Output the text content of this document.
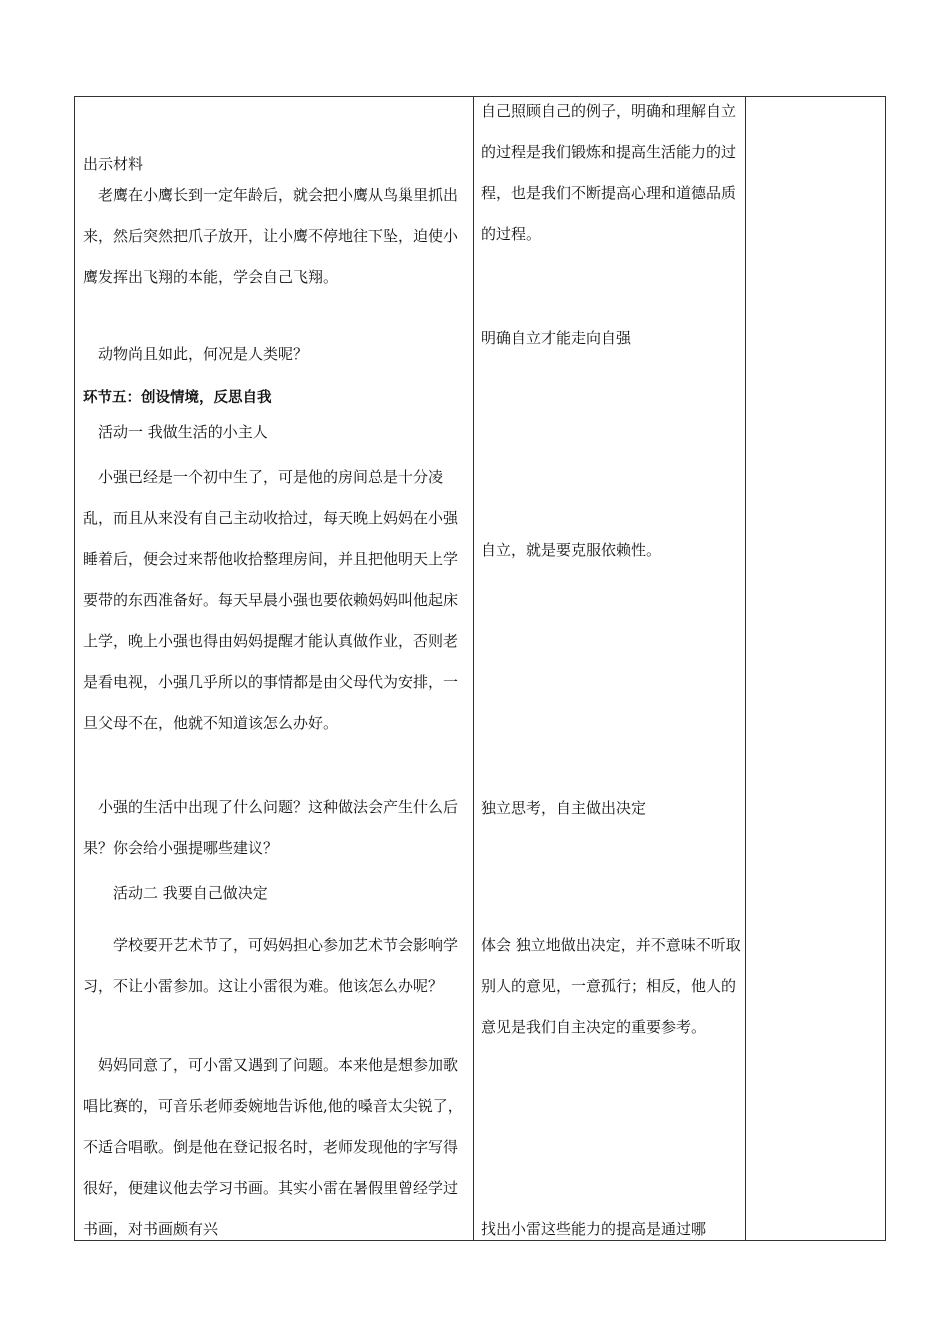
出示材料
　老鹰在小鹰长到一定年龄后，就会把小鹰从鸟巢里抓出来，然后突然把爪子放开，让小鹰不停地往下坠，迫使小鹰发挥出飞翔的本能，学会自己飞翔。
　动物尚且如此，何况是人类呢？
环节五：创设情境，反思自我
　活动一 我做生活的小主人
　小强已经是一个初中生了，可是他的房间总是十分凌乱，而且从来没有自己主动收拾过，每天晚上妈妈在小强睡着后，便会过来帮他收拾整理房间，并且把他明天上学要带的东西准备好。每天早晨小强也要依赖妈妈叫他起床上学，晚上小强也得由妈妈提醒才能认真做作业，否则老是看电视，小强几乎所以的事情都是由父母代为安排，一旦父母不在，他就不知道该怎么办好。
　小强的生活中出现了什么问题？这种做法会产生什么后果？你会给小强提哪些建议？
　　活动二 我要自己做决定
　　学校要开艺术节了，可妈妈担心参加艺术节会影响学习，不让小雷参加。这让小雷很为难。他该怎么办呢？
　妈妈同意了，可小雷又遇到了问题。本来他是想参加歌唱比赛的，可音乐老师委婉地告诉他,他的嗓音太尖锐了，不适合唱歌。倒是他在登记报名时，老师发现他的字写得很好，便建议他去学习书画。其实小雷在暑假里曾经学过书画，对书画颇有兴
自己照顾自己的例子，明确和理解自立的过程是我们锻炼和提高生活能力的过程，也是我们不断提高心理和道德品质的过程。
明确自立才能走向自强
自立，就是要克服依赖性。
独立思考，自主做出决定
体会 独立地做出决定，并不意味不听取别人的意见，一意孤行；相反，他人的意见是我们自主决定的重要参考。
找出小雷这些能力的提高是通过哪
